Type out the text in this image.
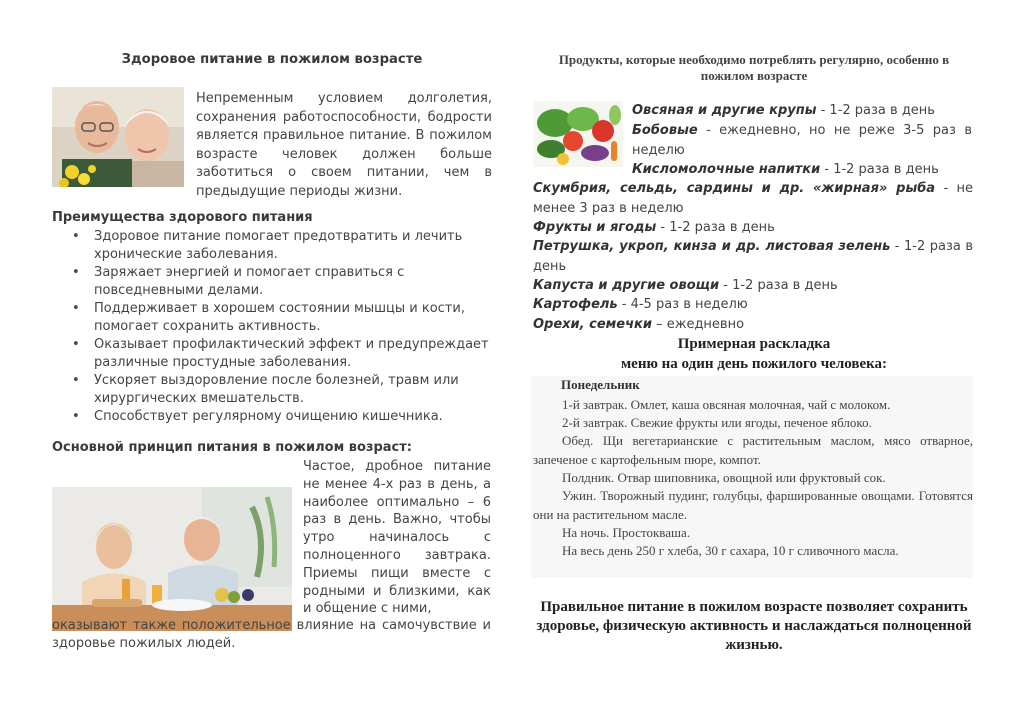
Здоровое питание в пожилом возрасте
Непременным условием долголетия, сохранения работоспособности, бодрости является правильное питание. В пожилом возрасте человек должен больше заботиться о своем питании, чем в предыдущие периоды жизни.
Преимущества здорового питания
• Здоровое питание помогает предотвратить и лечить хронические заболевания.
• Заряжает энергией и помогает справиться с повседневными делами.
• Поддерживает в хорошем состоянии мышцы и кости, помогает сохранить активность.
• Оказывает профилактический эффект и предупреждает различные простудные заболевания.
• Ускоряет выздоровление после болезней, травм или хирургических вмешательств.
• Способствует регулярному очищению кишечника.
Основной принцип питания в пожилом возраст:
Частое, дробное питание не менее 4-х раз в день, а наиболее оптимально – 6 раз в день. Важно, чтобы утро начиналось с полноценного завтрака. Приемы пищи вместе с родными и близкими, как и общение с ними,
оказывают также положительное влияние на самочувствие и здоровье пожилых людей.
Продукты, которые необходимо потреблять регулярно, особенно в пожилом возрасте
Овсяная и другие крупы - 1-2 раза в день
Бобовые - ежедневно, но не реже 3-5 раз в неделю
Кисломолочные напитки - 1-2 раза в день
Скумбрия, сельдь, сардины и др. «жирная» рыба - не менее 3 раз в неделю
Фрукты и ягоды - 1-2 раза в день
Петрушка, укроп, кинза и др. листовая зелень - 1-2 раза в день
Капуста и другие овощи - 1-2 раза в день
Картофель - 4-5 раз в неделю
Орехи, семечки – ежедневно
Примерная раскладка
меню на один день пожилого человека:
Понедельник
1-й завтрак. Омлет, каша овсяная молочная, чай с молоком.
2-й завтрак. Свежие фрукты или ягоды, печеное яблоко.
Обед. Щи вегетарианские с растительным маслом, мясо отварное, запеченое с картофельным пюре, компот.
Полдник. Отвар шиповника, овощной или фруктовый сок.
Ужин. Творожный пудинг, голубцы, фаршированные овощами. Готовятся они на растительном масле.
На ночь. Простокваша.
На весь день 250 г хлеба, 30 г сахара, 10 г сливочного масла.
Правильное питание в пожилом возрасте позволяет сохранить здоровье, физическую активность и наслаждаться полноценной жизнью.
